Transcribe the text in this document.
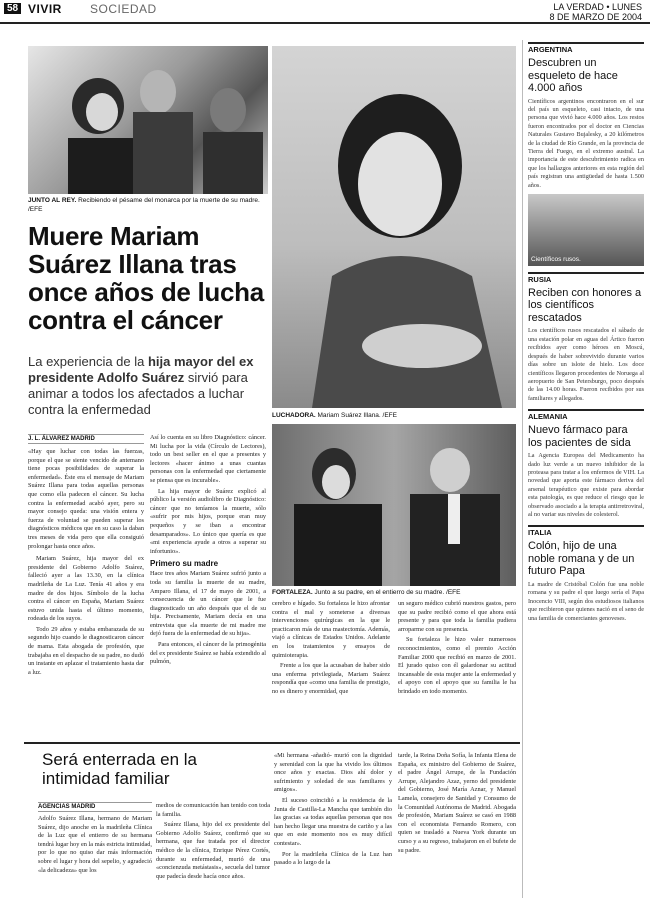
58 VIVIR SOCIEDAD	LA VERDAD • LUNES
8 DE MARZO DE 2004
JUNTO AL REY. Recibiendo el pésame del monarca por la muerte de su madre. /EFE
Muere Mariam Suárez Illana tras once años de lucha contra el cáncer
La experiencia de la hija mayor del ex presidente Adolfo Suárez sirvió para animar a todos los afectados a luchar contra la enfermedad	LUCHADORA. Mariam Suárez Illana. /EFE
FORTALEZA. Junto a su padre, en el entierro de su madre. /EFE
J. L. ÁLVAREZ MADRID

«Hay que luchar con todas las fuerzas, porque el que se siente vencido de antemano tiene pocas posibilidades de superar la enfermedad». Éste era el mensaje de Mariam Suárez Illana para todas aquellas personas que como ella padecen el cáncer. Su lucha contra la enfermedad acabó ayer, pero su mayor consejo queda: una visión entera y fuerza de voluntad se pueden superar los diagnósticos médicos que en su caso la daban tres meses de vida pero que ella consiguió prolongar hasta once años.

Mariam Suárez, hija mayor del ex presidente del Gobierno Adolfo Suárez, falleció ayer a las 13.30, en la clínica madrileña de La Luz. Tenía 41 años y era madre de dos hijos. Símbolo de la lucha contra el cáncer en España, Mariam Suárez estuvo unida hasta el último momento, rodeada de los suyos.

Todo 29 años y estaba embarazada de su segundo hijo cuando le diagnosticaron cáncer de mama. Esta abogada de profesión, que trabajaba en el despacho de su padre, no dudó un instante en aplazar el tratamiento hasta dar a luz.

Así lo cuenta en su libro Diagnóstico: cáncer. Mi lucha por la vida (Círculo de Lectores), todo un best seller en el que a presentes y lectores «hacer ánimo a unas cuantas personas con la enfermedad que ciertamente se piensa que es incurable».

La hija mayor de Suárez explicó al público la versión audiolibro de Diagnóstico: cáncer que no teníamos la muerte, sólo «sufrir por mis hijos, porque eran muy pequeños y se iban a encontrar desamparados». Lo único que quería es que «mi experiencia ayude a otros a superar su infortunio».

Primero su madre

Hace tres años Mariam Suárez sufrió junto a toda su familia la muerte de su madre, Amparo Illana, el 17 de mayo de 2001, a consecuencia de un cáncer que le fue diagnosticado un año después que el de su hija. Precisamente, Mariam decía en una entrevista que «la muerte de mi madre me dejó fuera de la enfermedad de su hija».

Para entonces, el cáncer de la primogénita del ex presidente Suárez se había extendido al pulmón,

cerebro e hígado. Su fortaleza le hizo afrontar contra el mal y someterse a diversas intervenciones quirúrgicas en la que le practicaron más de una mastectomía. Además, viajó a clínicas de Estados Unidos. Adelante en los tratamientos y ensayos de quimioterapia.

Frente a los que la acusaban de haber sido una enferma privilegiada, Mariam Suárez respondía que «como una familia de prestigio, no es dinero y enormidad, que

un seguro médico cubrió nuestros gastos, pero que su padre recibió como el que ahora está presente y para que toda la familia pudiera arroparme con su presencia.

Su fortaleza le hizo valer numerosos reconocimientos, como el premio Acción Familiar 2000 que recibió en marzo de 2001. El jurado quiso con él galardonar su actitud incansable de esta mujer ante la enfermedad y el apoyo con el apoyo que su familia le ha brindado en todo momento.

Será enterrada en la intimidad familiar
AGENCIAS MADRID

Adolfo Suárez Illana, hermano de Mariam Suárez, dijo anoche en la madrileña Clínica de la Luz que el entierro de su hermana tendrá lugar hoy en la más estricta intimidad, por lo que no quiso dar más información sobre el lugar y hora del sepelio, y agradeció «la delicadeza» que los

medios de comunicación han tenido con toda la familia.

Suárez Illana, hijo del ex presidente del Gobierno Adolfo Suárez, confirmó que su hermana, que fue tratada por el director médico de la clínica, Enrique Pérez Cortés, durante su enfermedad, murió de una «concienzuda metástasis», secuela del tumor que padecía desde hacía once años.

«Mi hermana -añadió- murió con la dignidad y serenidad con la que ha vivido los últimos once años y exactas. Dios ahí dolor y sufrimiento y soledad de sus familiares y amigos».

El suceso coincidió a la residencia de la Junta de Castilla-La Mancha que también dio las gracias «a todas aquellas personas que nos han hecho llegar una muestra de cariño y a las que en este momento nos es muy difícil contestar».

Por la madrileña Clínica de la Luz han pasado a lo largo de la

tarde, la Reina Doña Sofía, la Infanta Elena de España, ex ministro del Gobierno de Suárez, el padre Ángel Arrupe, de la Fundación Arrupe, Alejandro Azaz, yerno del presidente del Gobierno, José María Aznar, y Manuel Lamela, consejero de Sanidad y Consumo de la Comunidad Autónoma de Madrid. Abogada de profesión, Mariam Suárez se casó en 1988 con el economista Fernando Romero, con quien se trasladó a Nueva York durante un curso y a su regreso, trabajaron en el bufete de su padre.

ARGENTINA
Descubren un esqueleto de hace 4.000 años
Científicos argentinos encontraron en el sur del país un esqueleto, casi intacto, de una persona que vivió hace 4.000 años. Los restos fueron encontrados por el doctor en Ciencias Naturales Gustavo Bujalesky, a 20 kilómetros de la ciudad de Río Grande, en la provincia de Tierra del Fuego, en el extremo austral. La importancia de este descubrimiento radica en que los hallazgos anteriores en esta región del país registran una antigüedad de hasta 1.500 años.
Científicos rusos.
RUSIA
Reciben con honores a los científicos rescatados
Los científicos rusos rescatados el sábado de una estación polar en aguas del Ártico fueron recibidos ayer como héroes en Moscú, después de haber sobrevivido durante varios días sobre un islote de hielo. Los doce científicos llegaron procedentes de Noruega al aeropuerto de San Petersburgo, poco después de las 14.00 horas. Fueron recibidos por sus familiares y allegados.
ALEMANIA
Nuevo fármaco para los pacientes de sida
La Agencia Europea del Medicamento ha dado luz verde a un nuevo inhibidor de la proteasa para tratar a los enfermos de VIH. La novedad que aporta este fármaco deriva del arsenal terapéutico que existe para abordar esta patología, es que reduce el riesgo que le observado asociado a la terapia antirretroviral, al no variar sus niveles de colesterol.
ITALIA
Colón, hijo de una noble romana y de un futuro Papa
La madre de Cristóbal Colón fue una noble romana y su padre el que luego sería el Papa Inocencio VIII, según dos estudiosos italianos que recibieron que quienes nació en el seno de una familia de comerciantes genoveses.
